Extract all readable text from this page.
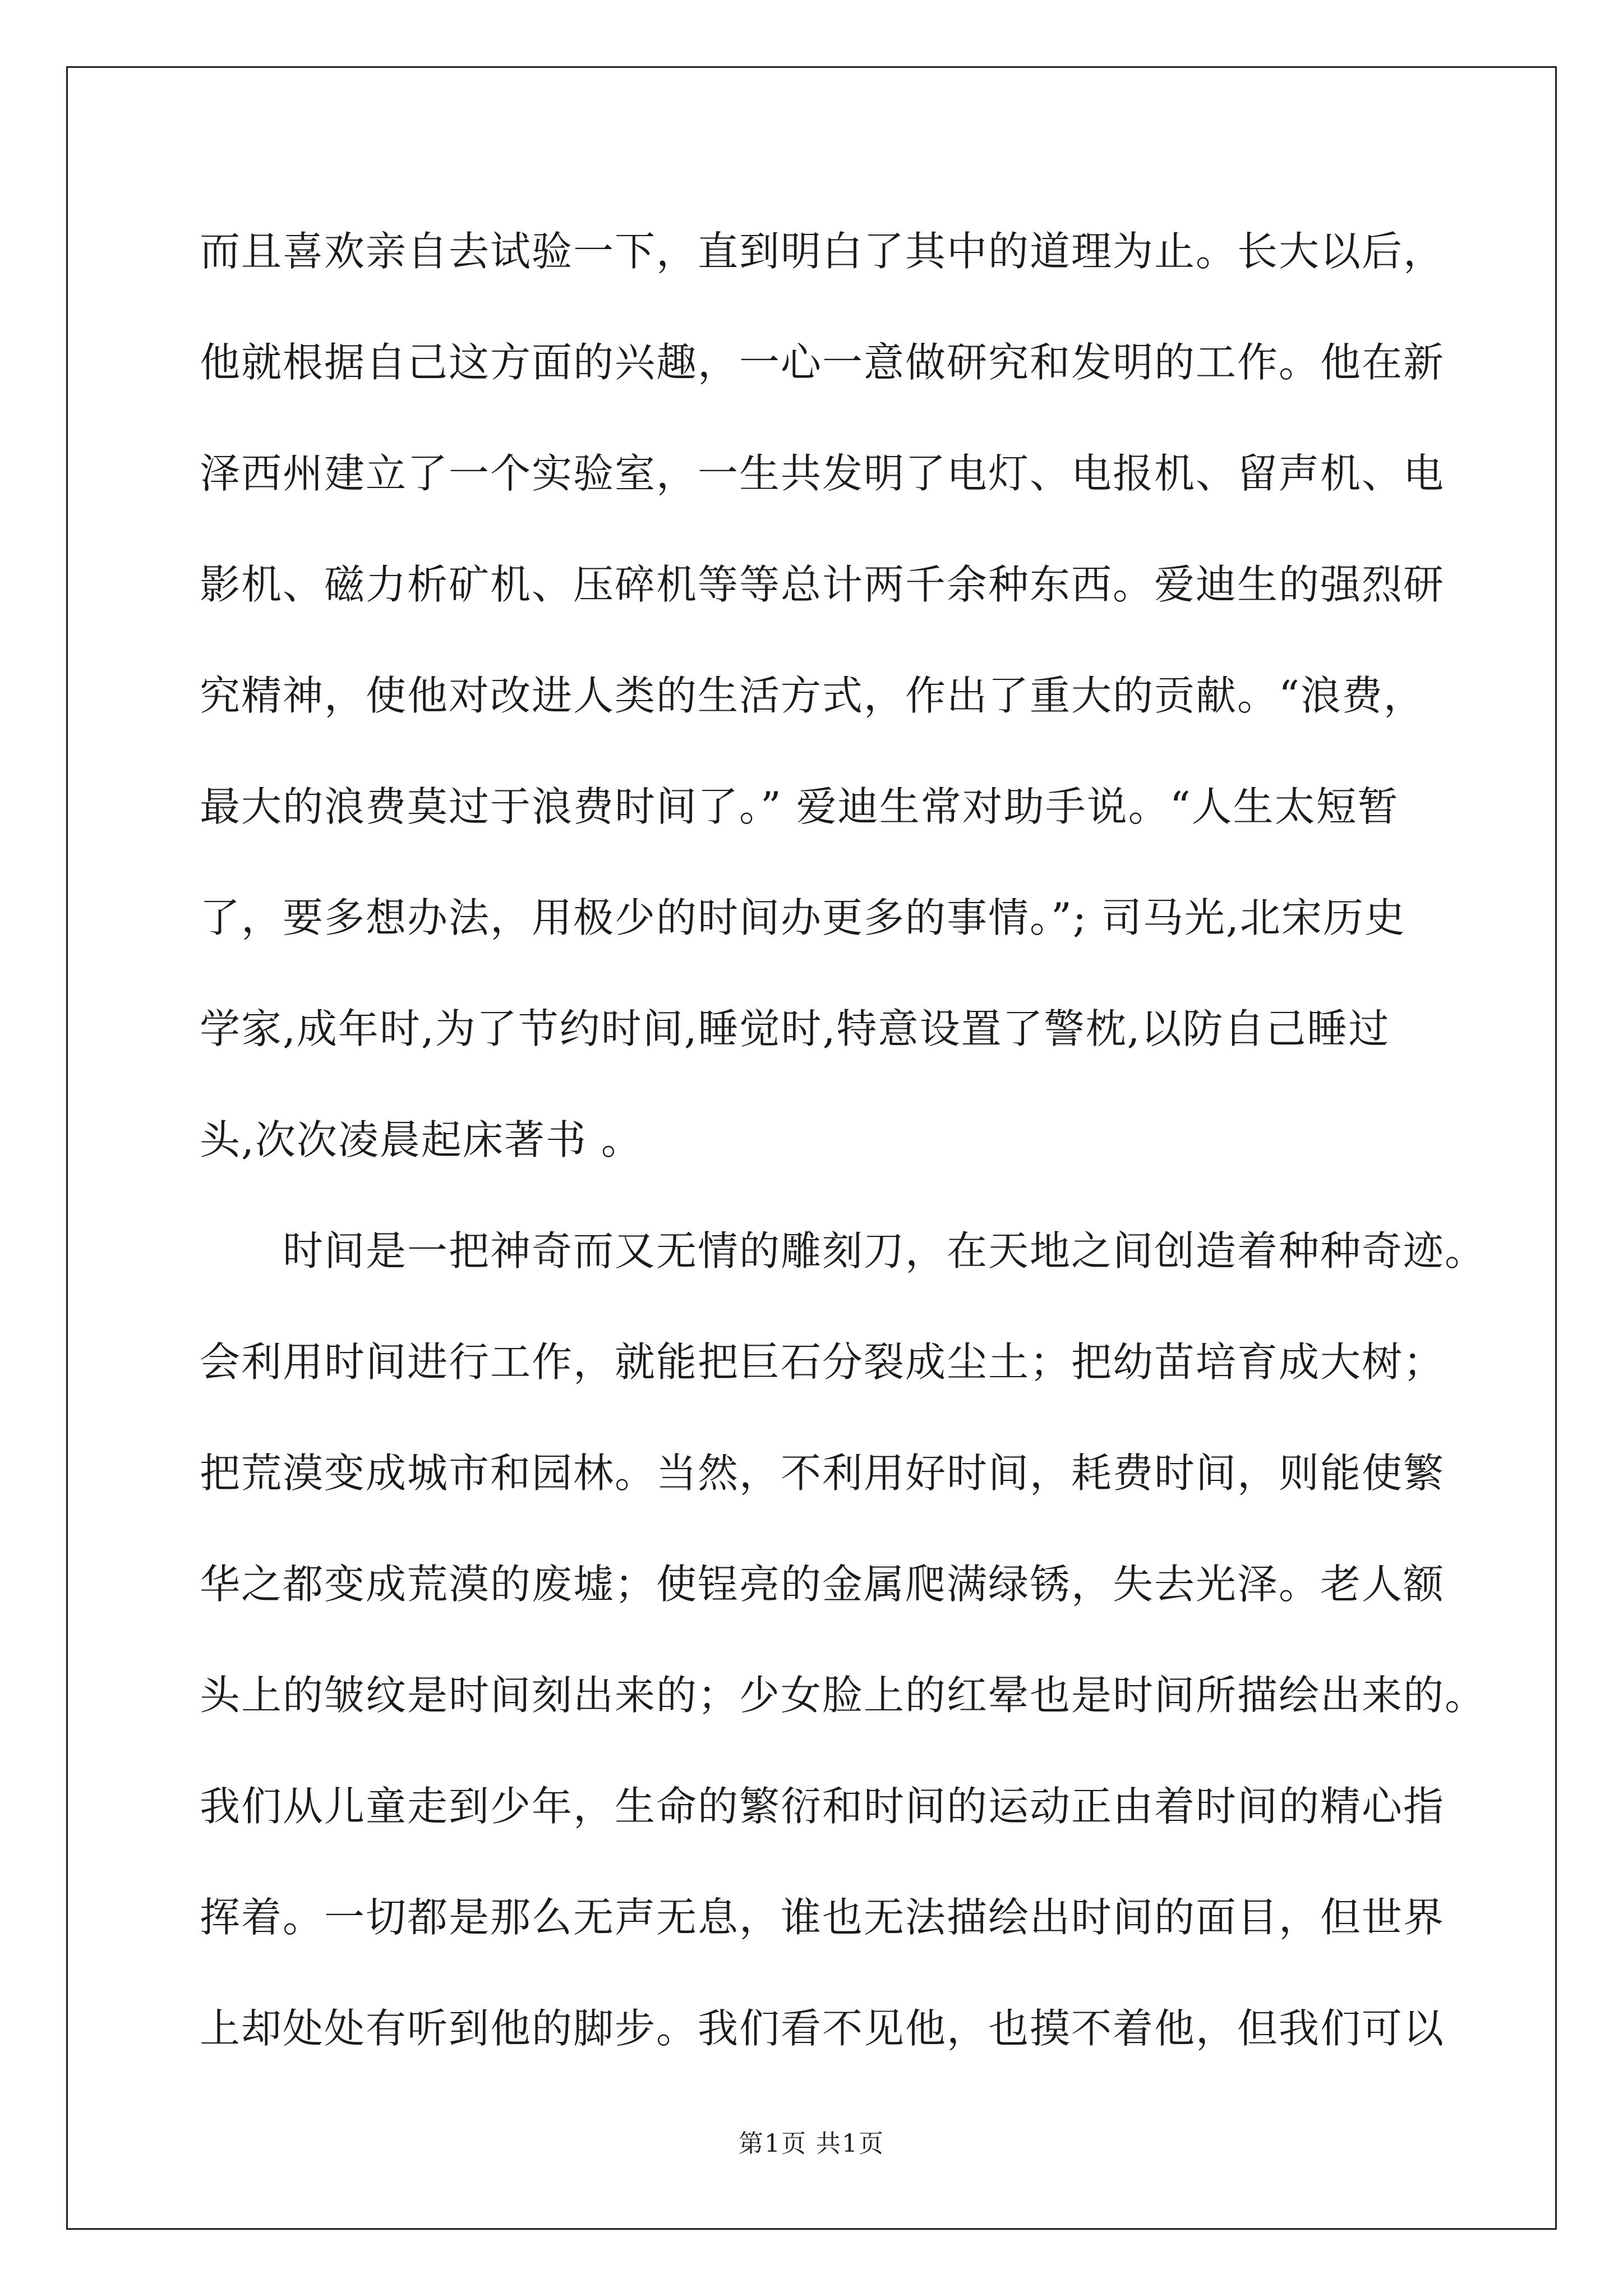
而且喜欢亲自去试验一下，直到明白了其中的道理为止。长大以后，
他就根据自己这方面的兴趣，一心一意做研究和发明的工作。他在新
泽西州建立了一个实验室，一生共发明了电灯、电报机、留声机、电
影机、磁力析矿机、压碎机等等总计两千余种东西。爱迪生的强烈研
究精神，使他对改进人类的生活方式，作出了重大的贡献。“浪费，
最大的浪费莫过于浪费时间了。” 爱迪生常对助手说。“人生太短暂
了，要多想办法，用极少的时间办更多的事情。”; 司马光,北宋历史
学家,成年时,为了节约时间,睡觉时,特意设置了警枕,以防自己睡过
头,次次凌晨起床著书 。
时间是一把神奇而又无情的雕刻刀，在天地之间创造着种种奇迹。
会利用时间进行工作，就能把巨石分裂成尘土；把幼苗培育成大树；
把荒漠变成城市和园林。当然，不利用好时间，耗费时间，则能使繁
华之都变成荒漠的废墟；使锃亮的金属爬满绿锈，失去光泽。老人额
头上的皱纹是时间刻出来的；少女脸上的红晕也是时间所描绘出来的。
我们从儿童走到少年，生命的繁衍和时间的运动正由着时间的精心指
挥着。一切都是那么无声无息，谁也无法描绘出时间的面目，但世界
上却处处有听到他的脚步。我们看不见他，也摸不着他，但我们可以
第1页 共1页
